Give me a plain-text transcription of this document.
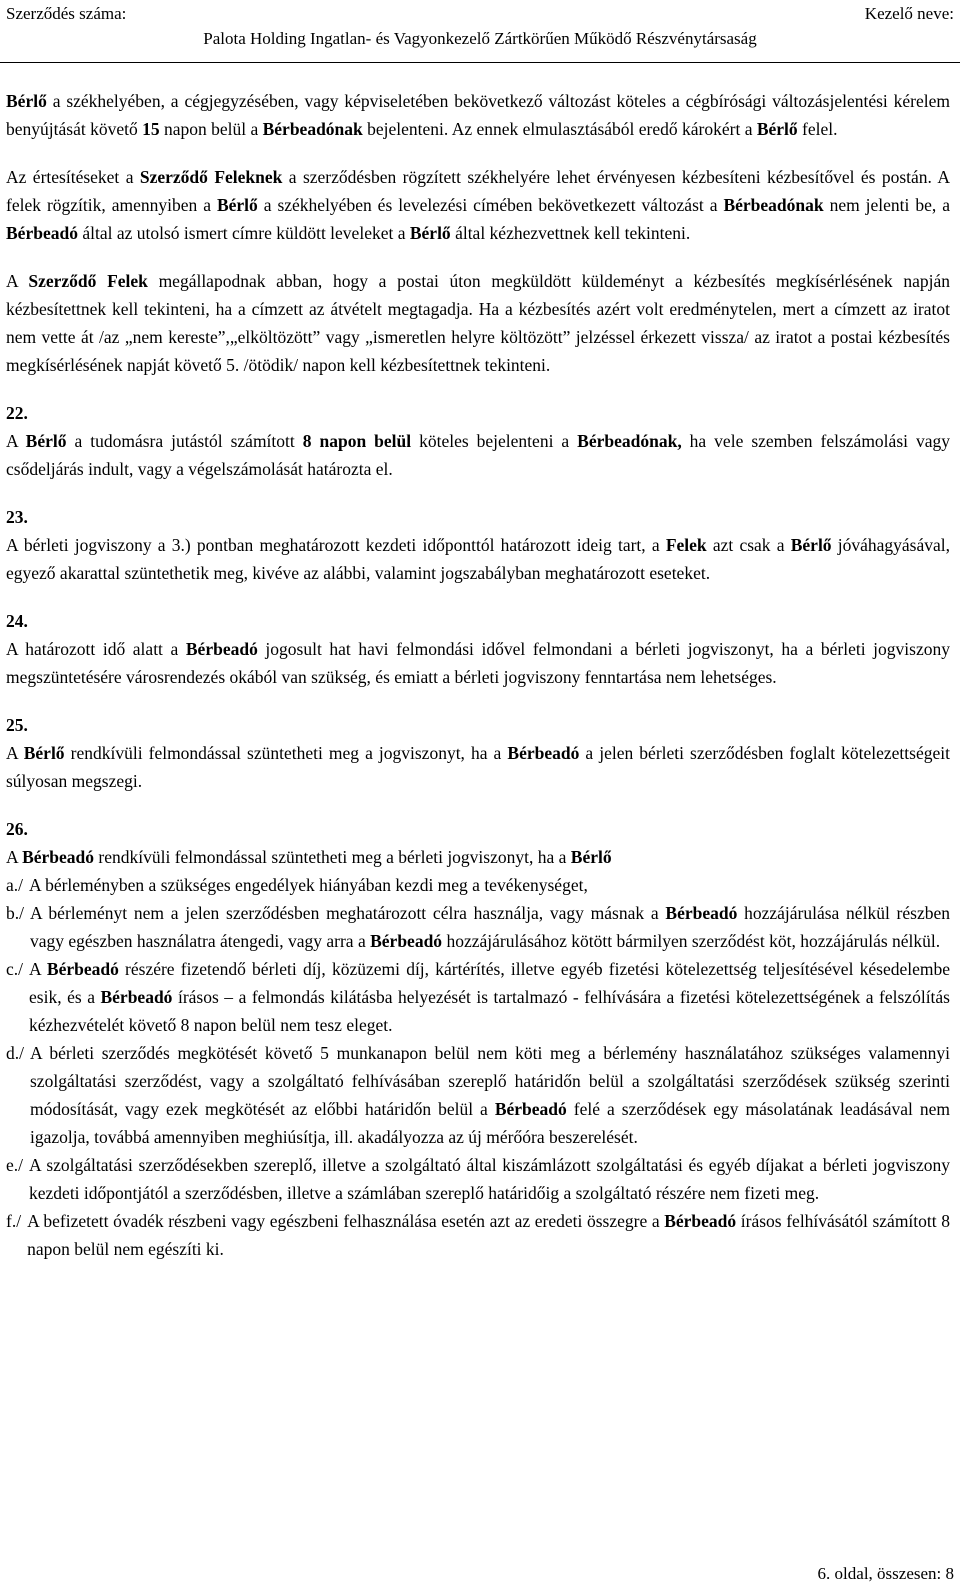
Szerződés száma:	Kezelő neve:
Palota Holding Ingatlan- és Vagyonkezelő Zártkörűen Működő Részvénytársaság

Bérlő a székhelyében, a cégjegyzésében, vagy képviseletében bekövetkező változást köteles a cégbírósági változásjelentési kérelem benyújtását követő 15 napon belül a Bérbeadónak bejelenteni. Az ennek elmulasztásából eredő károkért a Bérlő felel.

Az értesítéseket a Szerződő Feleknek a szerződésben rögzített székhelyére lehet érvényesen kézbesíteni kézbesítővel és postán. A felek rögzítik, amennyiben a Bérlő a székhelyében és levelezési címében bekövetkezett változást a Bérbeadónak nem jelenti be, a Bérbeadó által az utolsó ismert címre küldött leveleket a Bérlő által kézhezvettnek kell tekinteni.

A Szerződő Felek megállapodnak abban, hogy a postai úton megküldött küldeményt a kézbesítés megkísérlésének napján kézbesítettnek kell tekinteni, ha a címzett az átvételt megtagadja. Ha a kézbesítés azért volt eredménytelen, mert a címzett az iratot nem vette át /az „nem kereste”,„elköltözött” vagy „ismeretlen helyre költözött” jelzéssel érkezett vissza/ az iratot a postai kézbesítés megkísérlésének napját követő 5. /ötödik/ napon kell kézbesítettnek tekinteni.

22.

A Bérlő a tudomásra jutástól számított 8 napon belül köteles bejelenteni a Bérbeadónak, ha vele szemben felszámolási vagy csődeljárás indult, vagy a végelszámolását határozta el.

23.

A bérleti jogviszony a 3.) pontban meghatározott kezdeti időponttól határozott ideig tart, a Felek azt csak a Bérlő jóváhagyásával, egyező akarattal szüntethetik meg, kivéve az alábbi, valamint jogszabályban meghatározott eseteket.

24.

A határozott idő alatt a Bérbeadó jogosult hat havi felmondási idővel felmondani a bérleti jogviszonyt, ha a bérleti jogviszony megszüntetésére városrendezés okából van szükség, és emiatt a bérleti jogviszony fenntartása nem lehetséges.

25.

A Bérlő rendkívüli felmondással szüntetheti meg a jogviszonyt, ha a Bérbeadó a jelen bérleti szerződésben foglalt kötelezettségeit súlyosan megszegi.

26.

A Bérbeadó rendkívüli felmondással szüntetheti meg a bérleti jogviszonyt, ha a Bérlő

a./ A bérleményben a szükséges engedélyek hiányában kezdi meg a tevékenységet,
b./ A bérleményt nem a jelen szerződésben meghatározott célra használja, vagy másnak a Bérbeadó hozzájárulása nélkül részben vagy egészben használatra átengedi, vagy arra a Bérbeadó hozzájárulásához kötött bármilyen szerződést köt, hozzájárulás nélkül.
c./ A Bérbeadó részére fizetendő bérleti díj, közüzemi díj, kártérítés, illetve egyéb fizetési kötelezettség teljesítésével késedelembe esik, és a Bérbeadó írásos – a felmondás kilátásba helyezését is tartalmazó - felhívására a fizetési kötelezettségének a felszólítás kézhezvételét követő 8 napon belül nem tesz eleget.
d./ A bérleti szerződés megkötését követő 5 munkanapon belül nem köti meg a bérlemény használatához szükséges valamennyi szolgáltatási szerződést, vagy a szolgáltató felhívásában szereplő határidőn belül a szolgáltatási szerződések szükség szerinti módosítását, vagy ezek megkötését az előbbi határidőn belül a Bérbeadó felé a szerződések egy másolatának leadásával nem igazolja, továbbá amennyiben meghiúsítja, ill. akadályozza az új mérőóra beszerelését.
e./ A szolgáltatási szerződésekben szereplő, illetve a szolgáltató által kiszámlázott szolgáltatási és egyéb díjakat a bérleti jogviszony kezdeti időpontjától a szerződésben, illetve a számlában szereplő határidőig a szolgáltató részére nem fizeti meg.
f./ A befizetett óvadék részbeni vagy egészbeni felhasználása esetén azt az eredeti összegre a Bérbeadó írásos felhívásától számított 8 napon belül nem egészíti ki.
6. oldal, összesen: 8
